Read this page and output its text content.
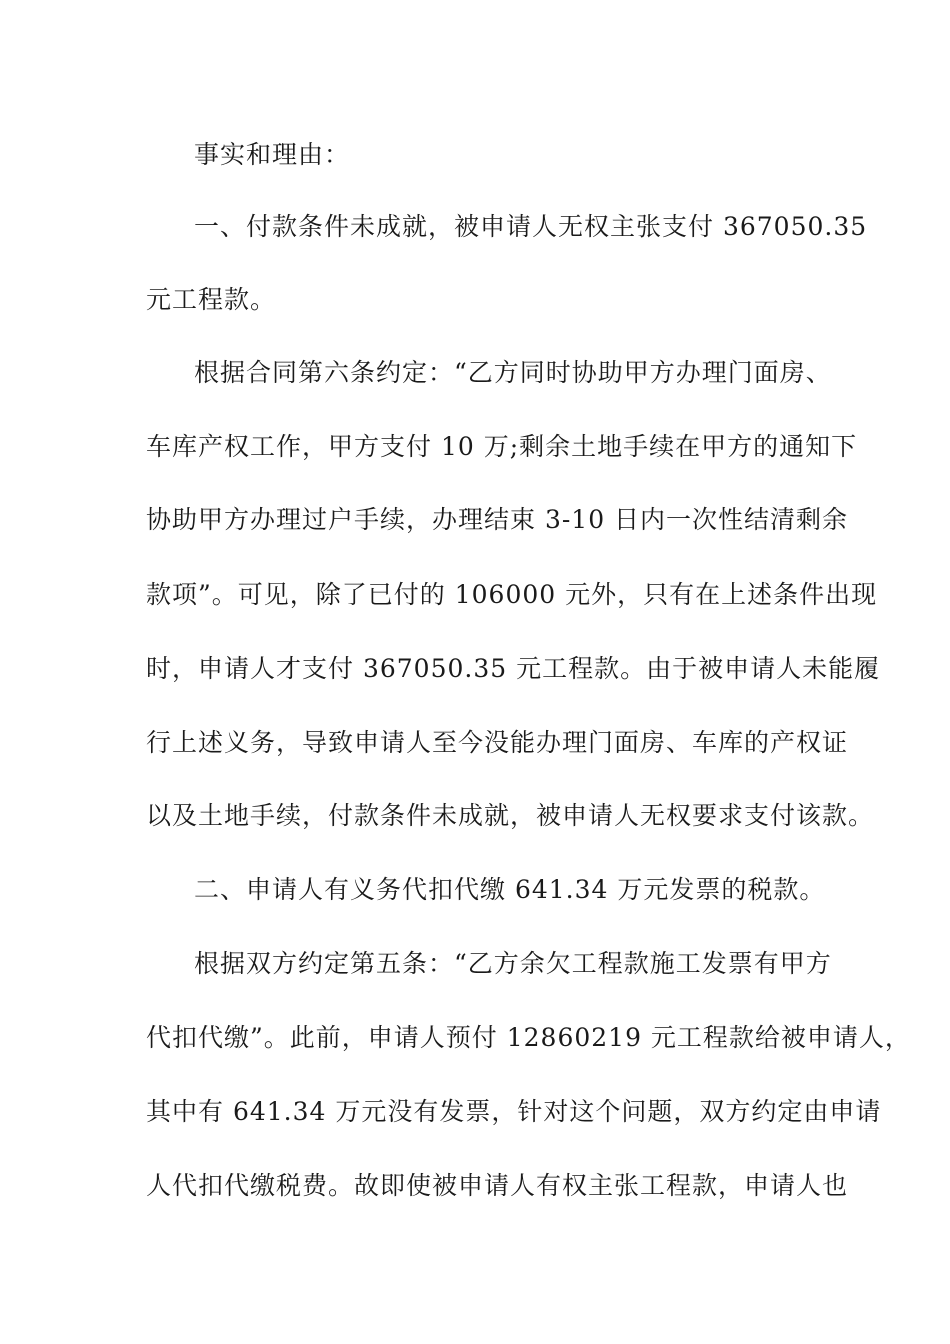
事实和理由：
一、付款条件未成就，被申请人无权主张支付 367050.35
元工程款。
根据合同第六条约定：“乙方同时协助甲方办理门面房、
车库产权工作，甲方支付 10 万;剩余土地手续在甲方的通知下
协助甲方办理过户手续，办理结束 3-10 日内一次性结清剩余
款项”。可见，除了已付的 106000 元外，只有在上述条件出现
时，申请人才支付 367050.35 元工程款。由于被申请人未能履
行上述义务，导致申请人至今没能办理门面房、车库的产权证
以及土地手续，付款条件未成就，被申请人无权要求支付该款。
二、申请人有义务代扣代缴 641.34 万元发票的税款。
根据双方约定第五条：“乙方余欠工程款施工发票有甲方
代扣代缴”。此前，申请人预付 12860219 元工程款给被申请人，
其中有 641.34 万元没有发票，针对这个问题，双方约定由申请
人代扣代缴税费。故即使被申请人有权主张工程款，申请人也
